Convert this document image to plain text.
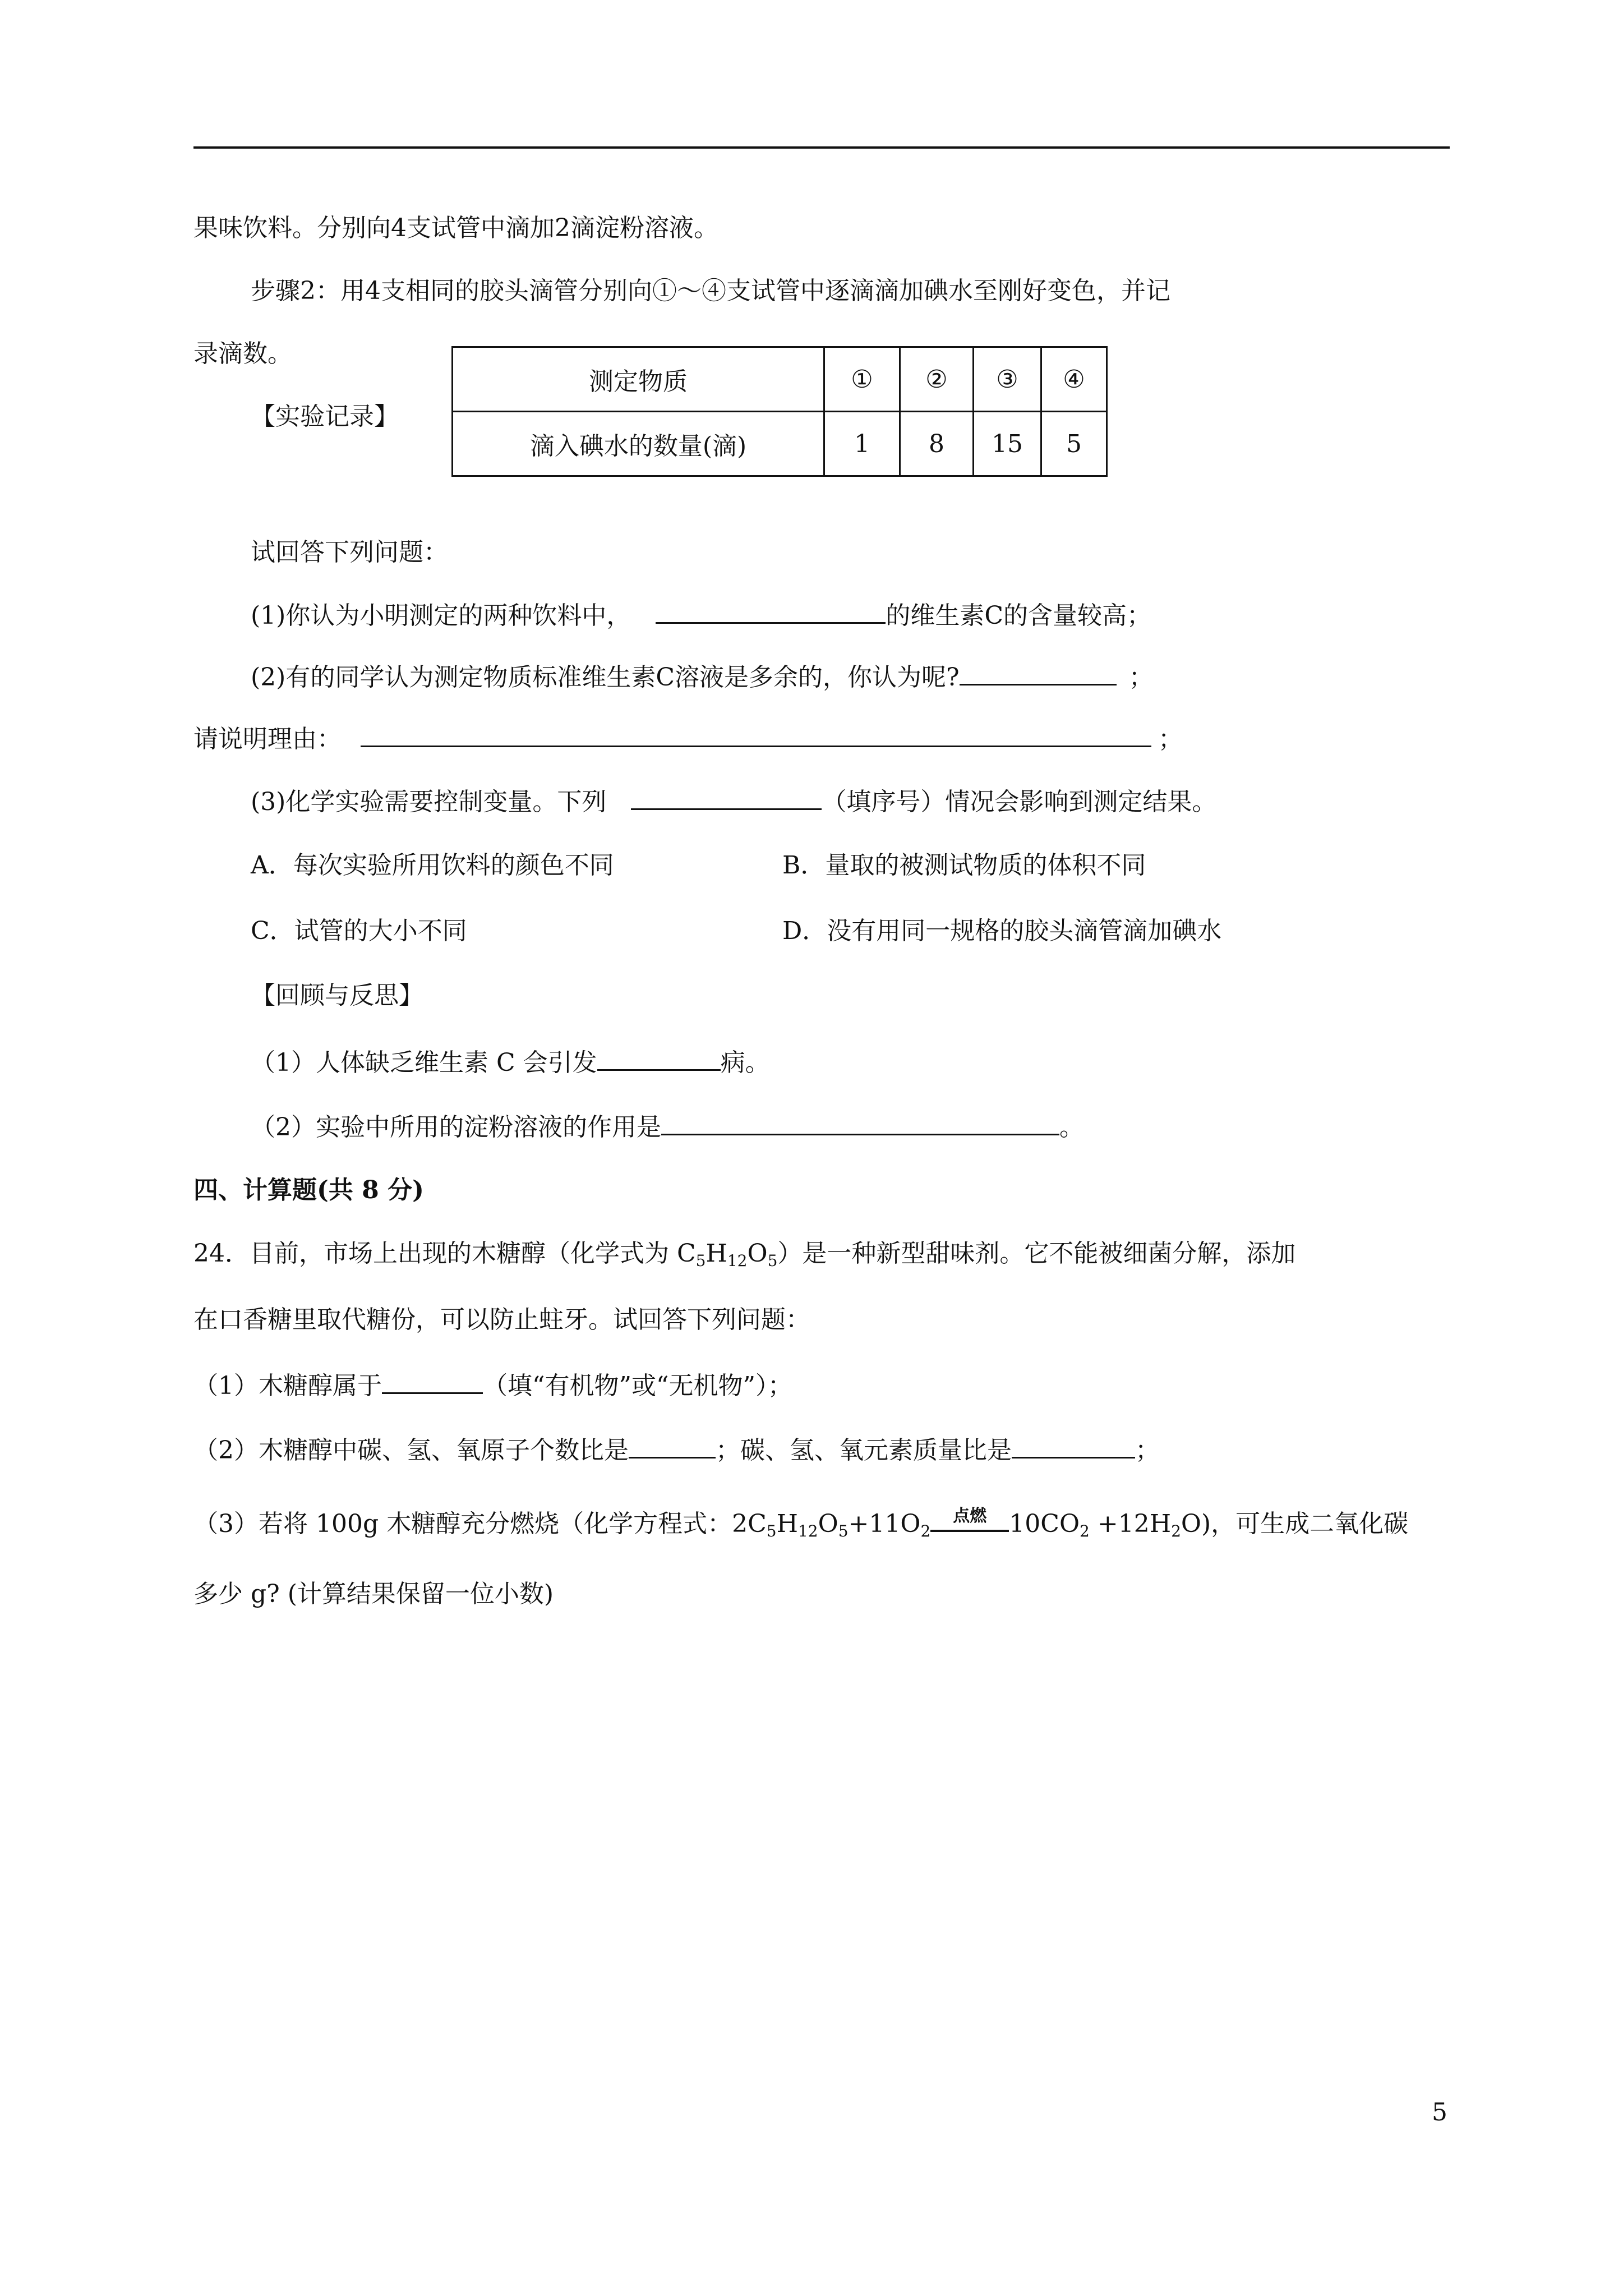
果味饮料。分别向4支试管中滴加2滴淀粉溶液。
步骤2：用4支相同的胶头滴管分别向①～④支试管中逐滴滴加碘水至刚好变色，并记
录滴数。
【实验记录】
测定物质	①	②	③	④
滴入碘水的数量(滴)	1	8	15	5
试回答下列问题：
(1)你认为小明测定的两种饮料中，	的维生素C的含量较高；
(2)有的同学认为测定物质标准维生素C溶液是多余的，你认为呢?	；
请说明理由：	；
(3)化学实验需要控制变量。下列	（填序号）情况会影响到测定结果。
A．每次实验所用饮料的颜色不同	B．量取的被测试物质的体积不同
C．试管的大小不同	D．没有用同一规格的胶头滴管滴加碘水
【回顾与反思】
（1）人体缺乏维生素 C 会引发	病。
（2）实验中所用的淀粉溶液的作用是	。
四、计算题(共 8 分)
24．目前，市场上出现的木糖醇（化学式为 $C_5H_{12}O_5$）是一种新型甜味剂。它不能被细菌分解，添加
在口香糖里取代糖份，可以防止蛀牙。试回答下列问题：
（1）木糖醇属于	（填“有机物”或“无机物”）；
（2）木糖醇中碳、氢、氧原子个数比是	；碳、氢、氧元素质量比是	；
（3）若将 100g 木糖醇充分燃烧（化学方程式：$2C_5H_{12}O_5+11O_2$
点燃 $10CO_2 +12H_2O$)，可生成二氧化碳
多少 g? (计算结果保留一位小数)
5
